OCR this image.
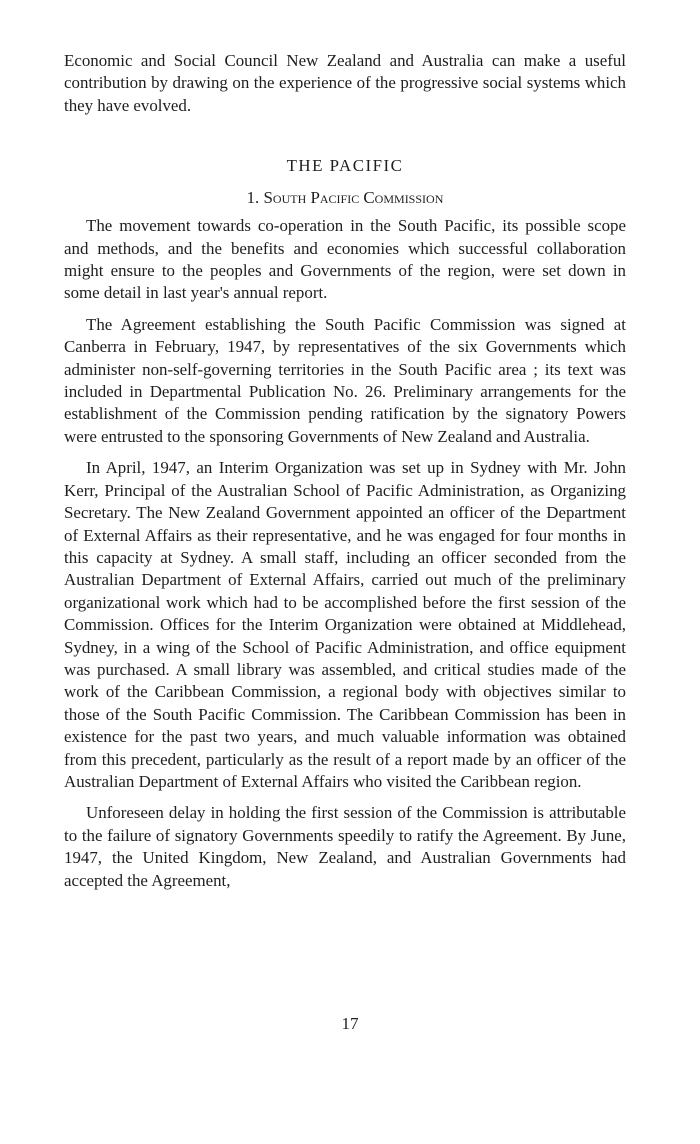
Economic and Social Council New Zealand and Australia can make a useful contribution by drawing on the experience of the progressive social systems which they have evolved.

THE PACIFIC
1. South Pacific Commission

The movement towards co-operation in the South Pacific, its possible scope and methods, and the benefits and economies which successful collaboration might ensure to the peoples and Governments of the region, were set down in some detail in last year's annual report.

The Agreement establishing the South Pacific Commission was signed at Canberra in February, 1947, by representatives of the six Governments which administer non-self-governing territories in the South Pacific area ; its text was included in Departmental Publication No. 26. Preliminary arrangements for the establishment of the Commission pending ratification by the signatory Powers were entrusted to the sponsoring Governments of New Zealand and Australia.

In April, 1947, an Interim Organization was set up in Sydney with Mr. John Kerr, Principal of the Australian School of Pacific Administration, as Organizing Secretary. The New Zealand Government appointed an officer of the Department of External Affairs as their representative, and he was engaged for four months in this capacity at Sydney. A small staff, including an officer seconded from the Australian Department of External Affairs, carried out much of the preliminary organizational work which had to be accomplished before the first session of the Commission. Offices for the Interim Organization were obtained at Middlehead, Sydney, in a wing of the School of Pacific Administration, and office equipment was purchased. A small library was assembled, and critical studies made of the work of the Caribbean Commission, a regional body with objectives similar to those of the South Pacific Commission. The Caribbean Commission has been in existence for the past two years, and much valuable information was obtained from this precedent, particularly as the result of a report made by an officer of the Australian Department of External Affairs who visited the Caribbean region.

Unforeseen delay in holding the first session of the Commission is attributable to the failure of signatory Governments speedily to ratify the Agreement. By June, 1947, the United Kingdom, New Zealand, and Australian Governments had accepted the Agreement,

17
